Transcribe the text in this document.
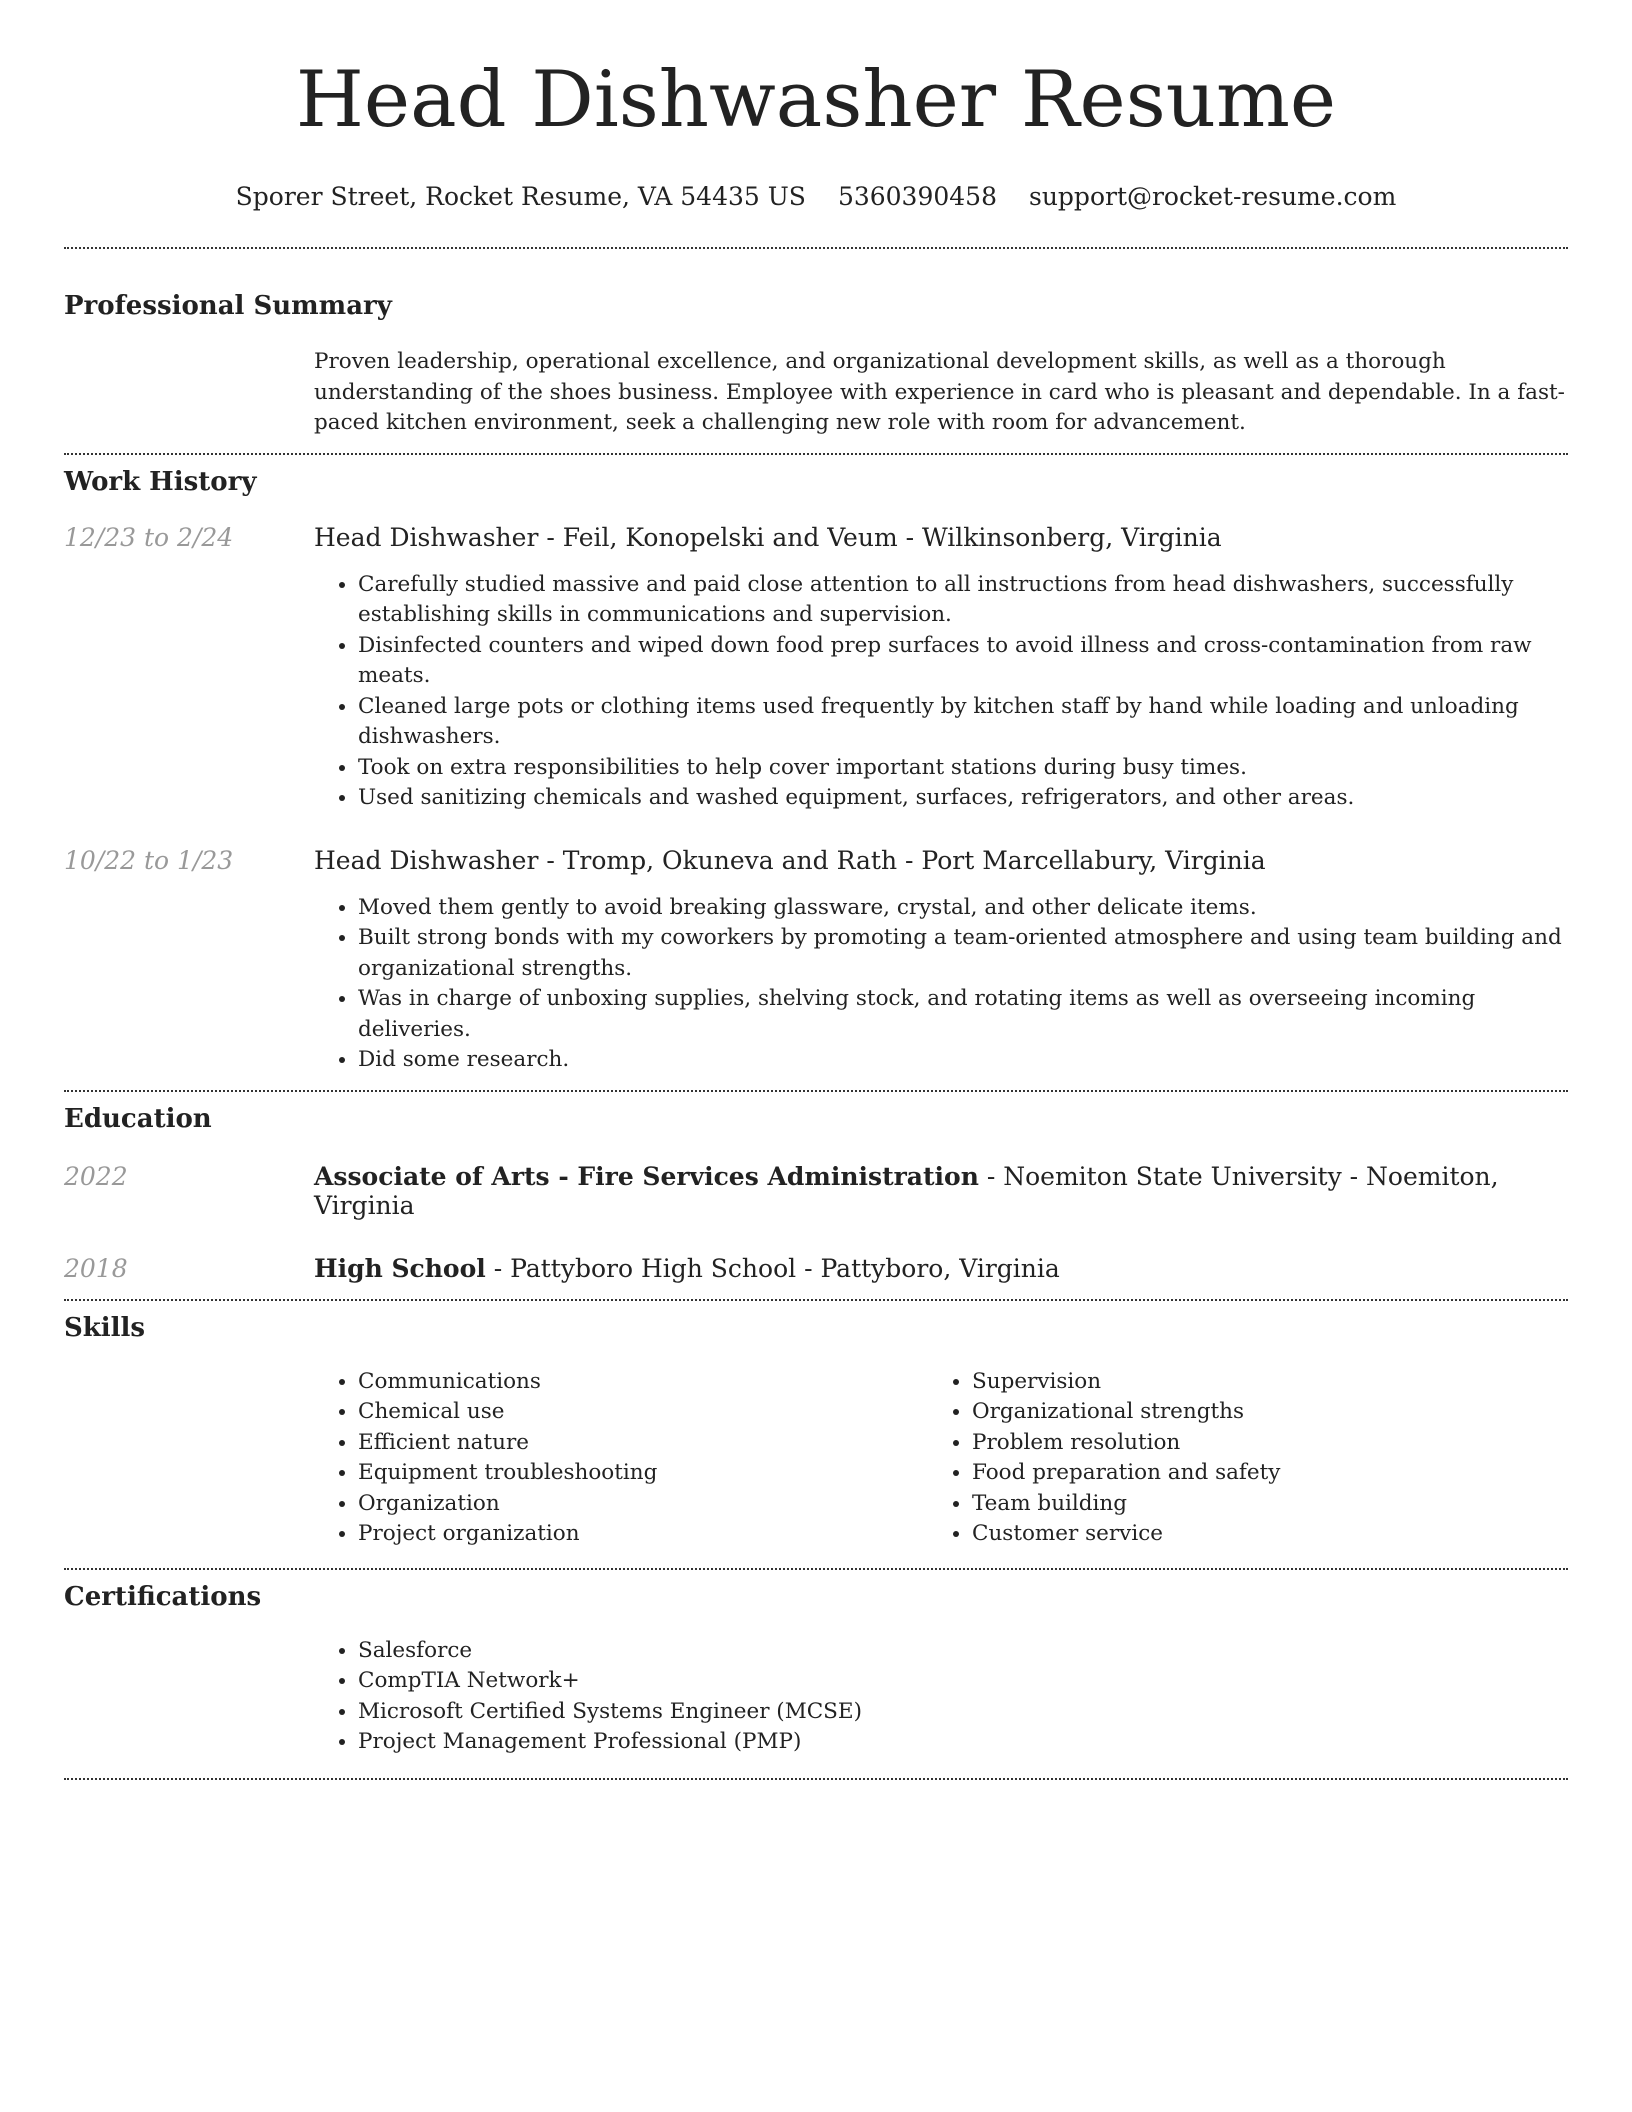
Head Dishwasher Resume
Sporer Street, Rocket Resume, VA 54435 US 5360390458 support@rocket-resume.com
Professional Summary
Proven leadership, operational excellence, and organizational development skills, as well as a thorough understanding of the shoes business. Employee with experience in card who is pleasant and dependable. In a fast-paced kitchen environment, seek a challenging new role with room for advancement.
Work History
12/23 to 2/24	Head Dishwasher - Feil, Konopelski and Veum - Wilkinsonberg, Virginia
• Carefully studied massive and paid close attention to all instructions from head dishwashers, successfully establishing skills in communications and supervision.
• Disinfected counters and wiped down food prep surfaces to avoid illness and cross-contamination from raw meats.
• Cleaned large pots or clothing items used frequently by kitchen staff by hand while loading and unloading dishwashers.
• Took on extra responsibilities to help cover important stations during busy times.
• Used sanitizing chemicals and washed equipment, surfaces, refrigerators, and other areas.
10/22 to 1/23	Head Dishwasher - Tromp, Okuneva and Rath - Port Marcellabury, Virginia
• Moved them gently to avoid breaking glassware, crystal, and other delicate items.
• Built strong bonds with my coworkers by promoting a team-oriented atmosphere and using team building and organizational strengths.
• Was in charge of unboxing supplies, shelving stock, and rotating items as well as overseeing incoming deliveries.
• Did some research.
Education
2022	Associate of Arts - Fire Services Administration - Noemiton State University - Noemiton, Virginia
2018	High School - Pattyboro High School - Pattyboro, Virginia
Skills
• Communications
• Chemical use
• Efficient nature
• Equipment troubleshooting
• Organization
• Project organization
• Supervision
• Organizational strengths
• Problem resolution
• Food preparation and safety
• Team building
• Customer service
Certifications
• Salesforce
• CompTIA Network+
• Microsoft Certified Systems Engineer (MCSE)
• Project Management Professional (PMP)
